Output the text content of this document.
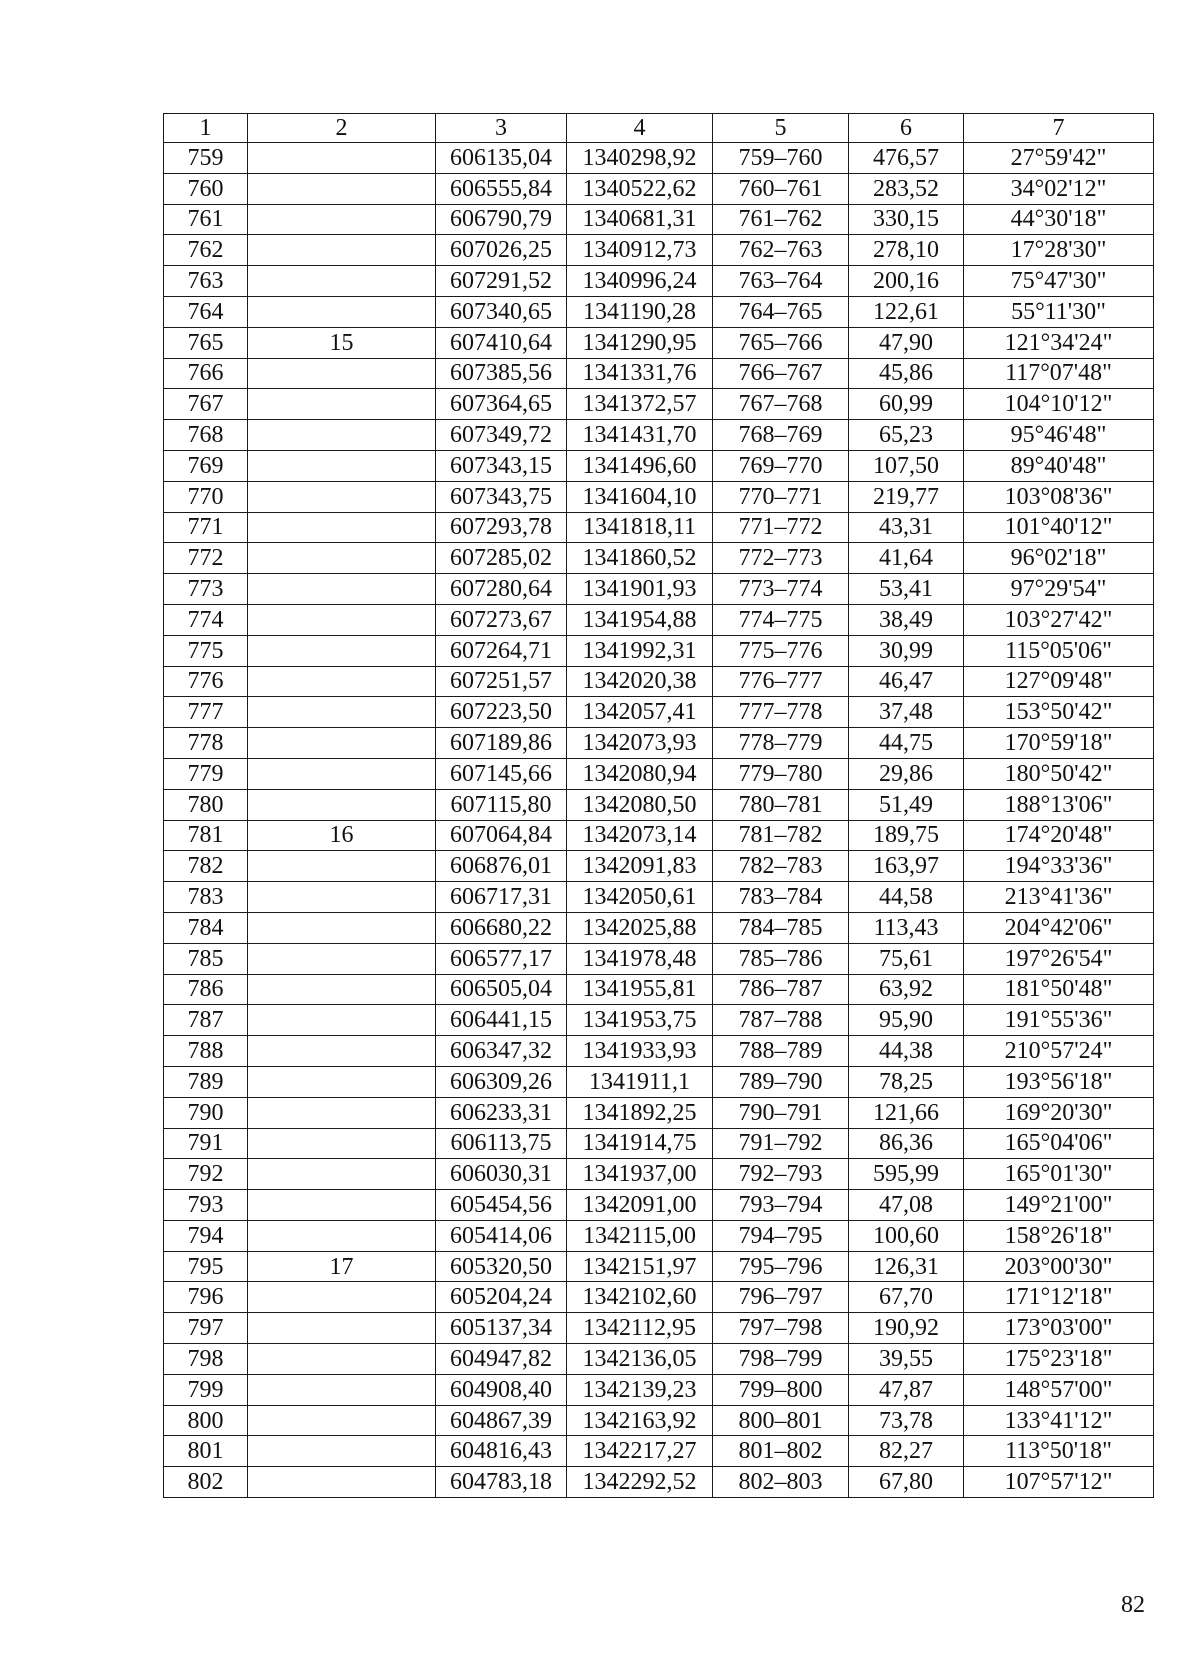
1	2	3	4	5	6	7
759		606135,04	1340298,92	759–760	476,57	27°59'42"
760		606555,84	1340522,62	760–761	283,52	34°02'12"
761		606790,79	1340681,31	761–762	330,15	44°30'18"
762		607026,25	1340912,73	762–763	278,10	17°28'30"
763		607291,52	1340996,24	763–764	200,16	75°47'30"
764		607340,65	1341190,28	764–765	122,61	55°11'30"
765	15	607410,64	1341290,95	765–766	47,90	121°34'24"
766		607385,56	1341331,76	766–767	45,86	117°07'48"
767		607364,65	1341372,57	767–768	60,99	104°10'12"
768		607349,72	1341431,70	768–769	65,23	95°46'48"
769		607343,15	1341496,60	769–770	107,50	89°40'48"
770		607343,75	1341604,10	770–771	219,77	103°08'36"
771		607293,78	1341818,11	771–772	43,31	101°40'12"
772		607285,02	1341860,52	772–773	41,64	96°02'18"
773		607280,64	1341901,93	773–774	53,41	97°29'54"
774		607273,67	1341954,88	774–775	38,49	103°27'42"
775		607264,71	1341992,31	775–776	30,99	115°05'06"
776		607251,57	1342020,38	776–777	46,47	127°09'48"
777		607223,50	1342057,41	777–778	37,48	153°50'42"
778		607189,86	1342073,93	778–779	44,75	170°59'18"
779		607145,66	1342080,94	779–780	29,86	180°50'42"
780		607115,80	1342080,50	780–781	51,49	188°13'06"
781	16	607064,84	1342073,14	781–782	189,75	174°20'48"
782		606876,01	1342091,83	782–783	163,97	194°33'36"
783		606717,31	1342050,61	783–784	44,58	213°41'36"
784		606680,22	1342025,88	784–785	113,43	204°42'06"
785		606577,17	1341978,48	785–786	75,61	197°26'54"
786		606505,04	1341955,81	786–787	63,92	181°50'48"
787		606441,15	1341953,75	787–788	95,90	191°55'36"
788		606347,32	1341933,93	788–789	44,38	210°57'24"
789		606309,26	1341911,1	789–790	78,25	193°56'18"
790		606233,31	1341892,25	790–791	121,66	169°20'30"
791		606113,75	1341914,75	791–792	86,36	165°04'06"
792		606030,31	1341937,00	792–793	595,99	165°01'30"
793		605454,56	1342091,00	793–794	47,08	149°21'00"
794		605414,06	1342115,00	794–795	100,60	158°26'18"
795	17	605320,50	1342151,97	795–796	126,31	203°00'30"
796		605204,24	1342102,60	796–797	67,70	171°12'18"
797		605137,34	1342112,95	797–798	190,92	173°03'00"
798		604947,82	1342136,05	798–799	39,55	175°23'18"
799		604908,40	1342139,23	799–800	47,87	148°57'00"
800		604867,39	1342163,92	800–801	73,78	133°41'12"
801		604816,43	1342217,27	801–802	82,27	113°50'18"
802		604783,18	1342292,52	802–803	67,80	107°57'12"
82
